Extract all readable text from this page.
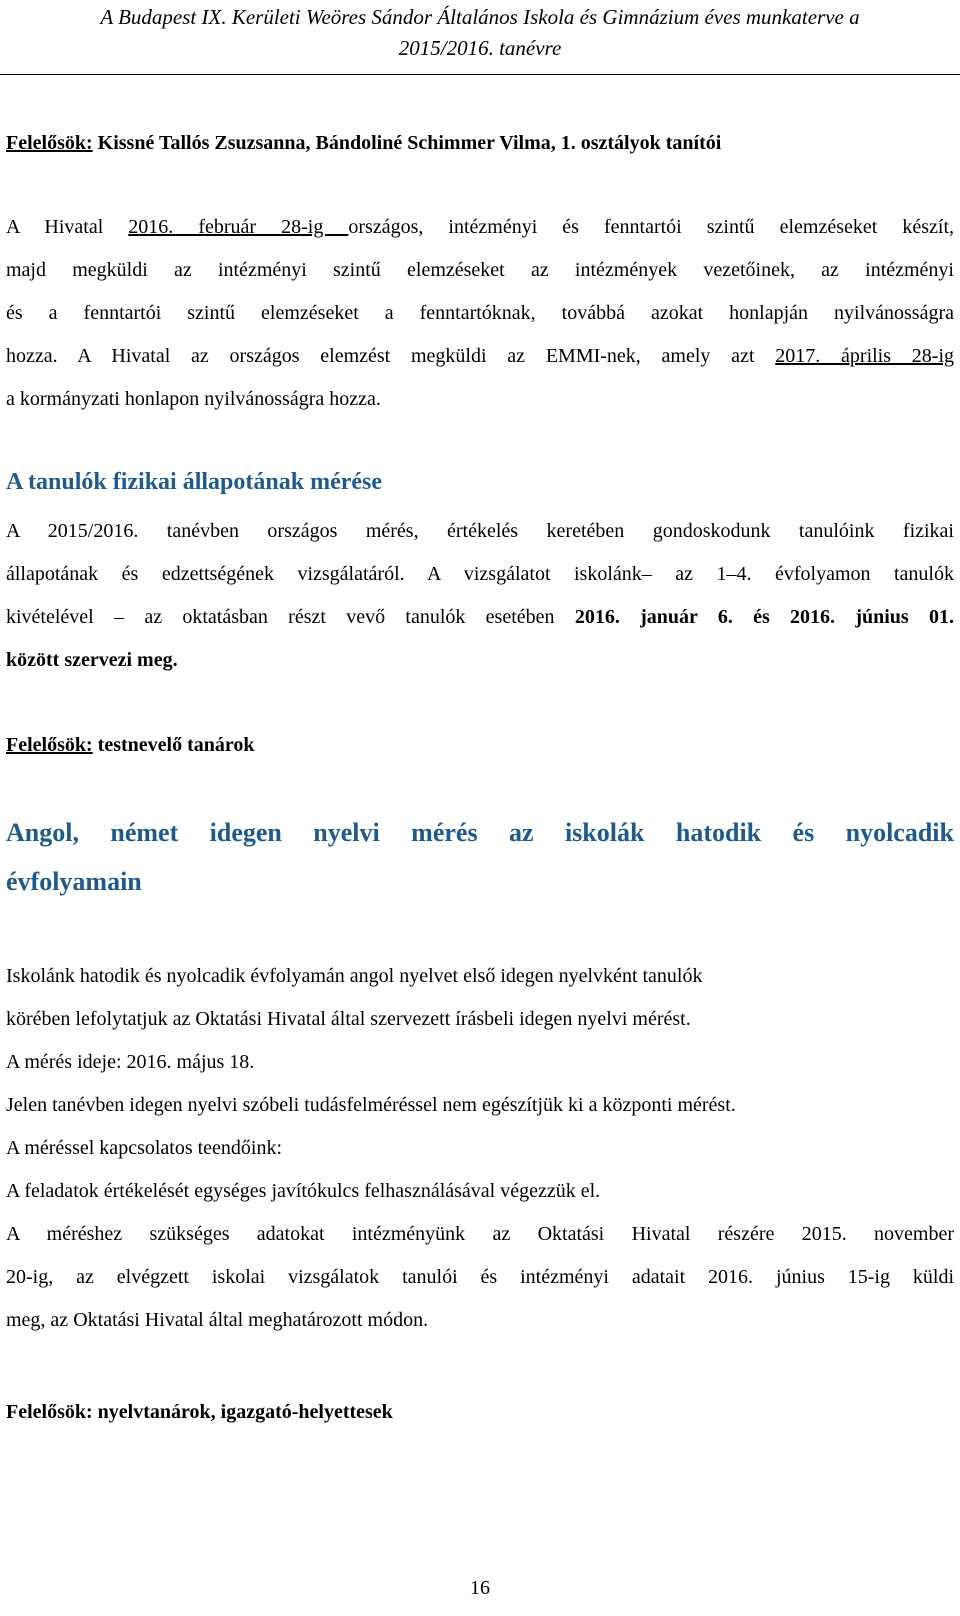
A Budapest IX. Kerületi Weöres Sándor Általános Iskola és Gimnázium éves munkaterve a
2015/2016. tanévre
Felelősök: Kissné Tallós Zsuzsanna, Bándoliné Schimmer Vilma, 1. osztályok tanítói
A Hivatal 2016. február 28-ig országos, intézményi és fenntartói szintű elemzéseket készít,
majd megküldi az intézményi szintű elemzéseket az intézmények vezetőinek, az intézményi
és a fenntartói szintű elemzéseket a fenntartóknak, továbbá azokat honlapján nyilvánosságra
hozza. A Hivatal az országos elemzést megküldi az EMMI-nek, amely azt 2017. április 28-ig
a kormányzati honlapon nyilvánosságra hozza.
A tanulók fizikai állapotának mérése
A 2015/2016. tanévben országos mérés, értékelés keretében gondoskodunk tanulóink fizikai
állapotának és edzettségének vizsgálatáról. A vizsgálatot iskolánk– az 1–4. évfolyamon tanulók
kivételével – az oktatásban részt vevő tanulók esetében 2016. január 6. és 2016. június 01.
között szervezi meg.
Felelősök: testnevelő tanárok
Angol, német idegen nyelvi mérés az iskolák hatodik és nyolcadik
évfolyamain
Iskolánk hatodik és nyolcadik évfolyamán angol nyelvet első idegen nyelvként tanulók
körében lefolytatjuk az Oktatási Hivatal által szervezett írásbeli idegen nyelvi mérést.
A mérés ideje: 2016. május 18.
Jelen tanévben idegen nyelvi szóbeli tudásfelméréssel nem egészítjük ki a központi mérést.
A méréssel kapcsolatos teendőink:
A feladatok értékelését egységes javítókulcs felhasználásával végezzük el.
A méréshez szükséges adatokat intézményünk az Oktatási Hivatal részére 2015. november
20-ig, az elvégzett iskolai vizsgálatok tanulói és intézményi adatait 2016. június 15-ig küldi
meg, az Oktatási Hivatal által meghatározott módon.
Felelősök: nyelvtanárok, igazgató-helyettesek
16
